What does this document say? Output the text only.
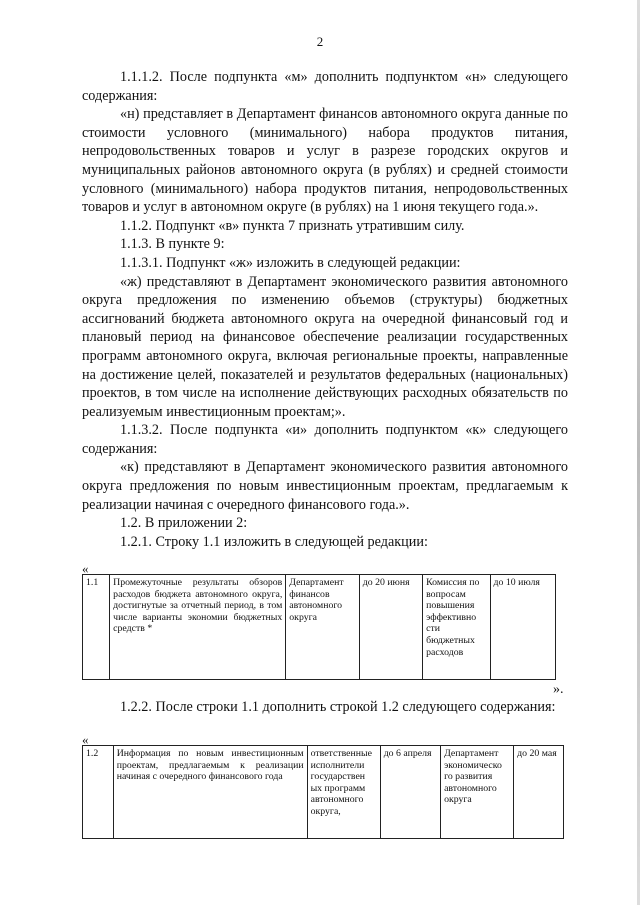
2

1.1.1.2. После подпункта «м» дополнить подпунктом «н» следующего содержания:

«н) представляет в Департамент финансов автономного округа данные по стоимости условного (минимального) набора продуктов питания, непродовольственных товаров и услуг в разрезе городских округов и муниципальных районов автономного округа (в рублях) и средней стоимости условного (минимального) набора продуктов питания, непродовольственных товаров и услуг в автономном округе (в рублях) на 1 июня текущего года.».

1.1.2. Подпункт «в» пункта 7 признать утратившим силу.

1.1.3. В пункте 9:

1.1.3.1. Подпункт «ж» изложить в следующей редакции:

«ж) представляют в Департамент экономического развития автономного округа предложения по изменению объемов (структуры) бюджетных ассигнований бюджета автономного округа на очередной финансовый год и плановый период на финансовое обеспечение реализации государственных программ автономного округа, включая региональные проекты, направленные на достижение целей, показателей и результатов федеральных (национальных) проектов, в том числе на исполнение действующих расходных обязательств по реализуемым инвестиционным проектам;».

1.1.3.2. После подпункта «и» дополнить подпунктом «к» следующего содержания:

«к) представляют в Департамент экономического развития автономного округа предложения по новым инвестиционным проектам, предлагаемым к реализации начиная с очередного финансового года.».

1.2. В приложении 2:

1.2.1. Строку 1.1 изложить в следующей редакции:

«
1.1	Промежуточные результаты обзоров расходов бюджета автономного округа, достигнутые за отчетный период, в том числе варианты экономии бюджетных средств *	Департамент финансов автономного округа	до 20 июня	Комиссия по вопросам повышения эффективно сти бюджетных расходов	до 10 июля
».

1.2.2. После строки 1.1 дополнить строкой 1.2 следующего содержания:

«
1.2	Информация по новым инвестиционным проектам, предлагаемым к реализации начиная с очередного финансового года	ответственные исполнители государствен ых программ автономного округа,	до 6 апреля	Департамент экономическо го развития автономного округа	до 20 мая
